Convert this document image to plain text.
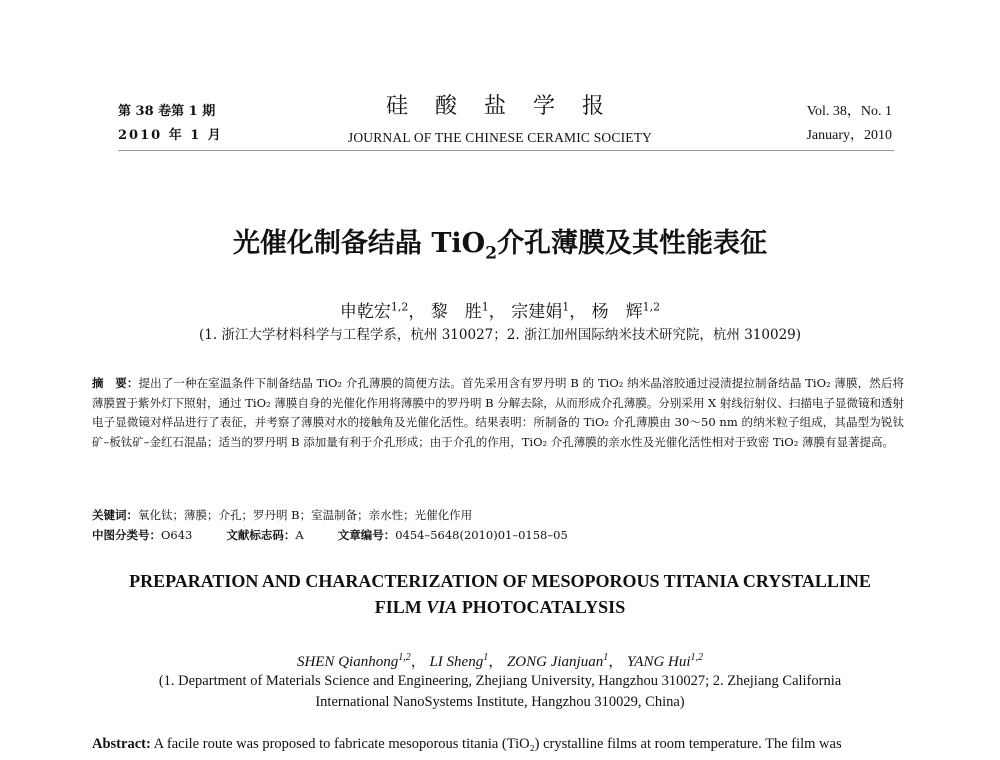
第 38 卷第 1 期
2010 年 1 月
硅 酸 盐 学 报
JOURNAL OF THE CHINESE CERAMIC SOCIETY
Vol. 38，No. 1
January，2010
光催化制备结晶 TiO$_2$介孔薄膜及其性能表征
申乾宏$^{1,2}$， 黎　胜$^1$， 宗建娟$^1$， 杨　辉$^{1,2}$
(1. 浙江大学材料科学与工程学系，杭州 310027；2. 浙江加州国际纳米技术研究院，杭州 310029)
摘　要：提出了一种在室温条件下制备结晶 TiO₂ 介孔薄膜的简便方法。首先采用含有罗丹明 B 的 TiO₂ 纳米晶溶胶通过浸渍提拉制备结晶 TiO₂ 薄膜，然后将薄膜置于紫外灯下照射，通过 TiO₂ 薄膜自身的光催化作用将薄膜中的罗丹明 B 分解去除，从而形成介孔薄膜。分别采用 X 射线衍射仪、扫描电子显微镜和透射电子显微镜对样品进行了表征，并考察了薄膜对水的接触角及光催化活性。结果表明：所制备的 TiO₂ 介孔薄膜由 30～50 nm 的纳米粒子组成，其晶型为锐钛矿–板钛矿–金红石混晶；适当的罗丹明 B 添加量有利于介孔形成；由于介孔的作用，TiO₂ 介孔薄膜的亲水性及光催化活性相对于致密 TiO₂ 薄膜有显著提高。
关键词：氧化钛；薄膜；介孔；罗丹明 B；室温制备；亲水性；光催化作用
中图分类号：O643	文献标志码：A	文章编号：0454–5648(2010)01–0158–05
PREPARATION AND CHARACTERIZATION OF MESOPOROUS TITANIA CRYSTALLINE
FILM VIA PHOTOCATALYSIS
SHEN Qianhong$^{1,2}$， LI Sheng$^1$， ZONG Jianjuan$^1$， YANG Hui$^{1,2}$
(1. Department of Materials Science and Engineering, Zhejiang University, Hangzhou 310027; 2. Zhejiang California International NanoSystems Institute, Hangzhou 310029, China)
Abstract: A facile route was proposed to fabricate mesoporous titania (TiO₂) crystalline films at room temperature. The film was
